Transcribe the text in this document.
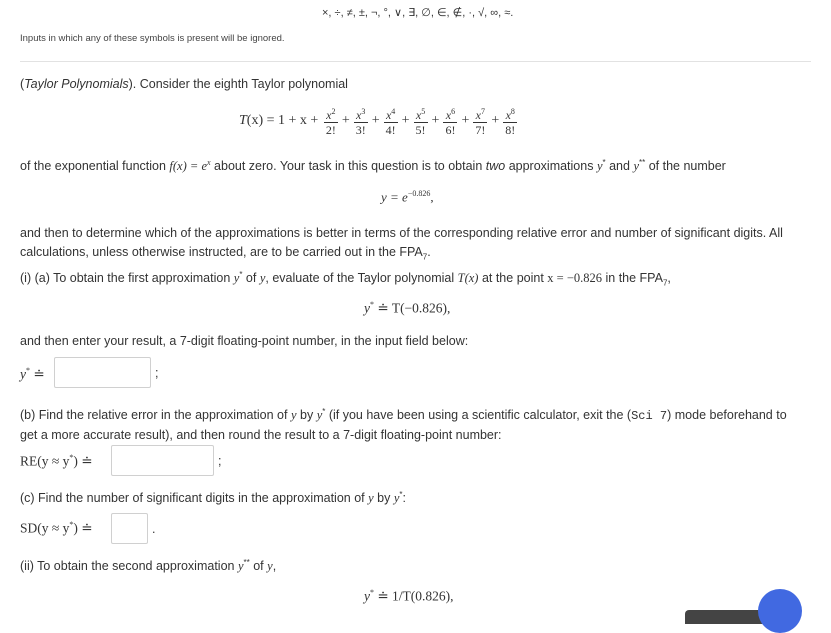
×, ÷, ≠, ±, ¬, °, ∨, ∃, ∅, ∈, ∉, ·, √, ∞, ≈.
Inputs in which any of these symbols is present will be ignored.
(Taylor Polynomials). Consider the eighth Taylor polynomial
$T(x) = 1 + x + \frac{x^2}{2!} + \frac{x^3}{3!} + \frac{x^4}{4!} + \frac{x^5}{5!} + \frac{x^6}{6!} + \frac{x^7}{7!} + \frac{x^8}{8!}$
of the exponential function $f(x) = e^x$ about zero. Your task in this question is to obtain two approximations y* and y** of the number
$y = e^{-0.826}$,
and then to determine which of the approximations is better in terms of the corresponding relative error and number of significant digits. All
calculations, unless otherwise instructed, are to be carried out in the $FPA_7$.
(i) (a) To obtain the first approximation y* of y, evaluate of the Taylor polynomial T(x) at the point x = −0.826 in the $FPA_7$,
y* ≐ T(−0.826),
and then enter your result, a 7-digit floating-point number, in the input field below:
y* ≐	;
(b) Find the relative error in the approximation of y by y* (if you have been using a scientific calculator, exit the (Sci 7) mode beforehand to
get a more accurate result), and then round the result to a 7-digit floating-point number:
RE(y ≈ y*) ≐	;
(c) Find the number of significant digits in the approximation of y by y*:
SD(y ≈ y*) ≐	.
(ii) To obtain the second approximation y** of y,
y* ≐ 1/T(0.826),
